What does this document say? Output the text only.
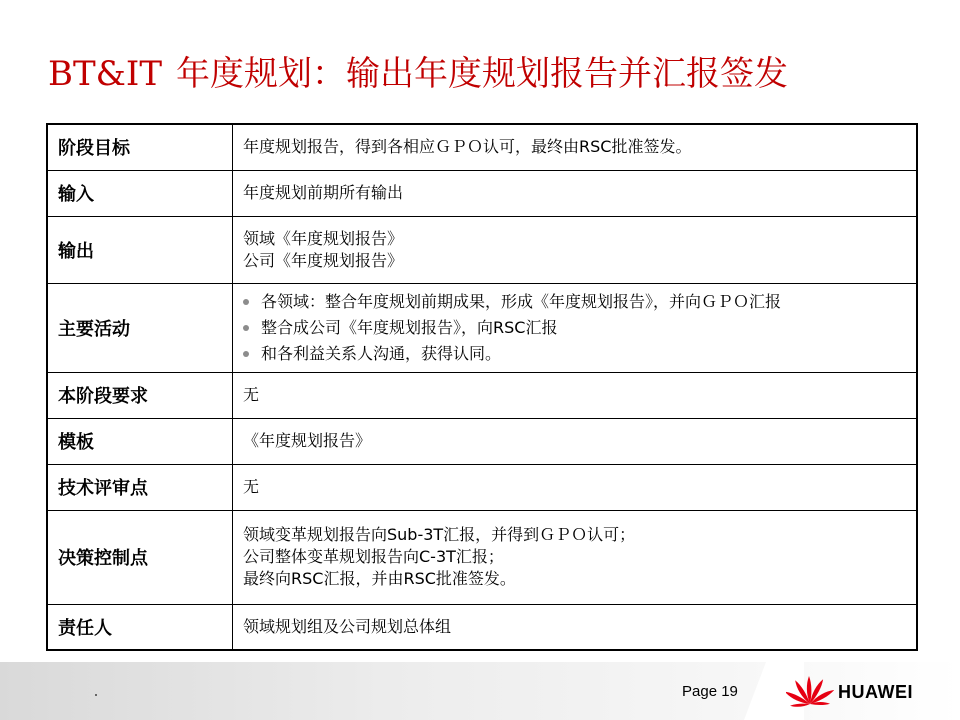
BT&IT 年度规划：输出年度规划报告并汇报签发
阶段目标	年度规划报告，得到各相应ＧＰＯ认可，最终由RSC批准签发。

输入	年度规划前期所有输出

输出	领域《年度规划报告》
公司《年度规划报告》

主要活动	各领域：整合年度规划前期成果，形成《年度规划报告》，并向ＧＰＯ汇报
整合成公司《年度规划报告》，向RSC汇报
和各利益关系人沟通，获得认同。

本阶段要求	无

模板	《年度规划报告》

技术评审点	无

决策控制点	领域变革规划报告向Sub-3T汇报，并得到ＧＰＯ认可；
公司整体变革规划报告向C-3T汇报；
最终向RSC汇报，并由RSC批准签发。

责任人	领域规划组及公司规划总体组
Page 19	HUAWEI
